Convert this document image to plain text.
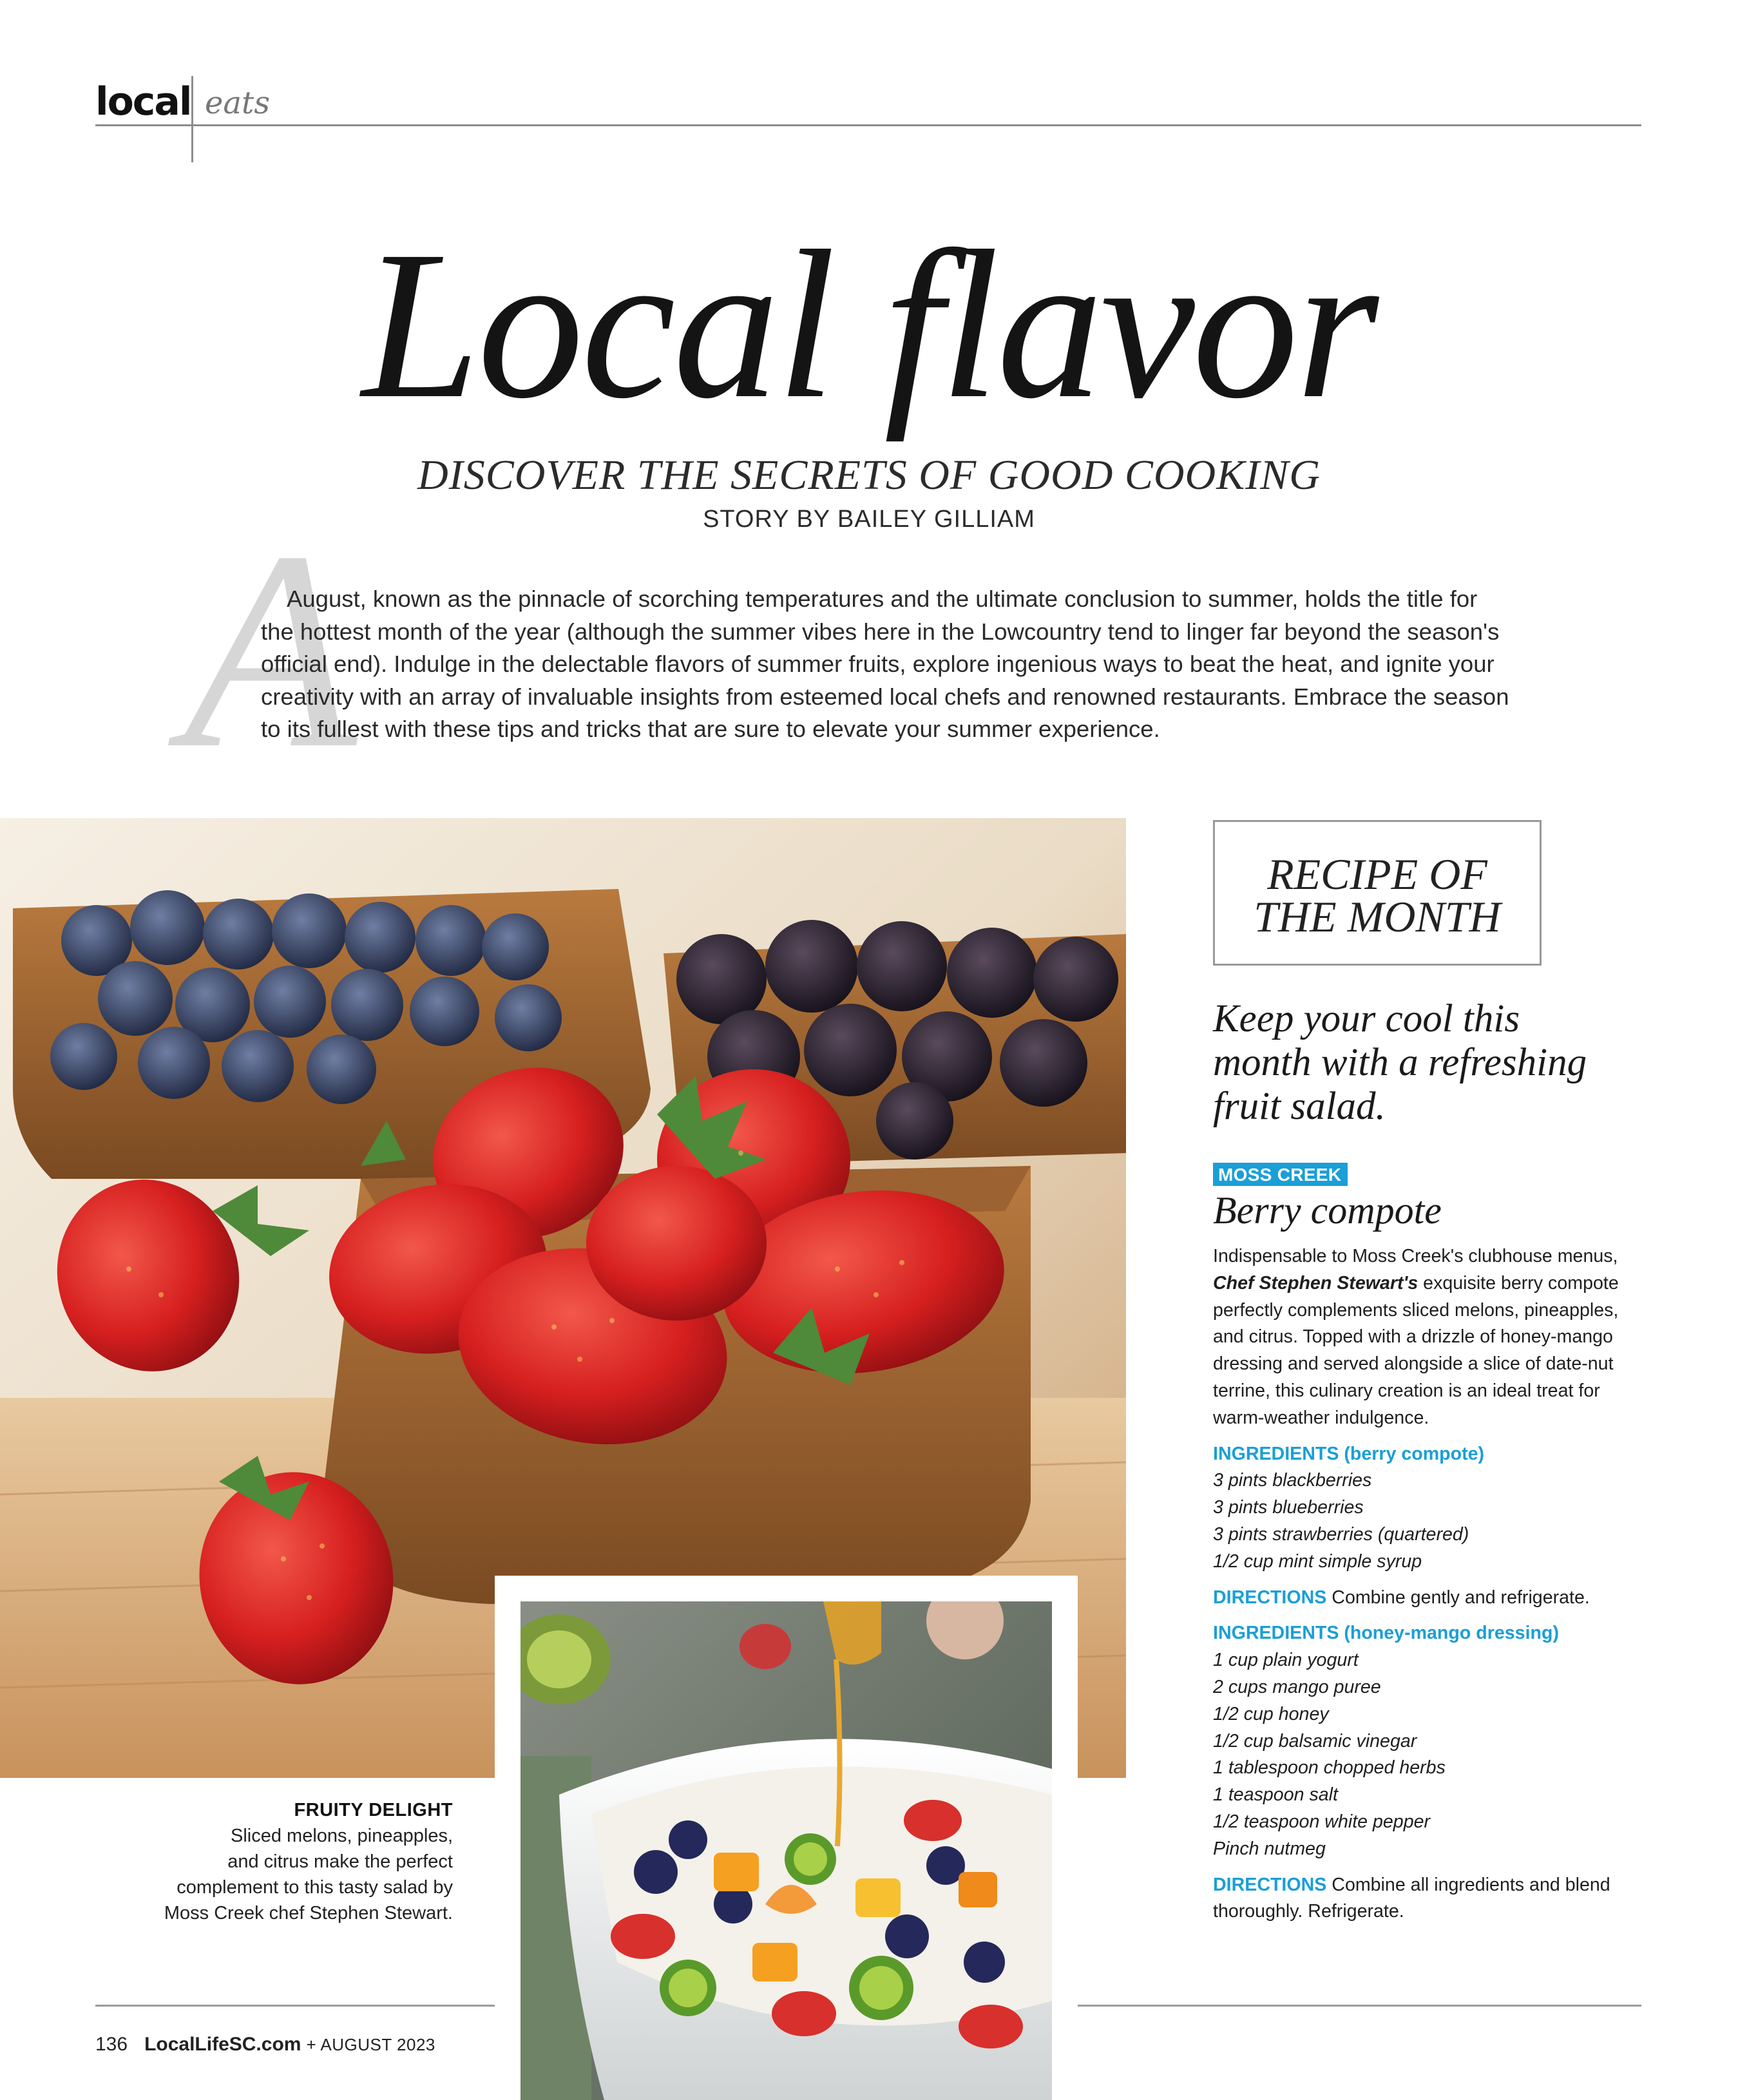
local eats
Local flavor
DISCOVER THE SECRETS OF GOOD COOKING
STORY BY BAILEY GILLIAM
A
August, known as the pinnacle of scorching temperatures and the ultimate conclusion to summer, holds the title for the hottest month of the year (although the summer vibes here in the Lowcountry tend to linger far beyond the season's official end). Indulge in the delectable flavors of summer fruits, explore ingenious ways to beat the heat, and ignite your creativity with an array of invaluable insights from esteemed local chefs and renowned restaurants. Embrace the season to its fullest with these tips and tricks that are sure to elevate your summer experience.
FRUITY DELIGHT
Sliced melons, pineapples,
and citrus make the perfect
complement to this tasty salad by
Moss Creek chef Stephen Stewart.
RECIPE OF
THE MONTH
Keep your cool this
month with a refreshing
fruit salad.
MOSS CREEK
Berry compote
Indispensable to Moss Creek's clubhouse menus, Chef Stephen Stewart's exquisite berry compote perfectly complements sliced melons, pineapples, and citrus. Topped with a drizzle of honey-mango dressing and served alongside a slice of date-nut terrine, this culinary creation is an ideal treat for warm-weather indulgence.
INGREDIENTS (berry compote)
3 pints blackberries
3 pints blueberries
3 pints strawberries (quartered)
1/2 cup mint simple syrup
DIRECTIONS Combine gently and refrigerate.
INGREDIENTS (honey-mango dressing)
1 cup plain yogurt
2 cups mango puree
1/2 cup honey
1/2 cup balsamic vinegar
1 tablespoon chopped herbs
1 teaspoon salt
1/2 teaspoon white pepper
Pinch nutmeg
DIRECTIONS Combine all ingredients and blend thoroughly. Refrigerate.
136 LocalLifeSC.com + AUGUST 2023
